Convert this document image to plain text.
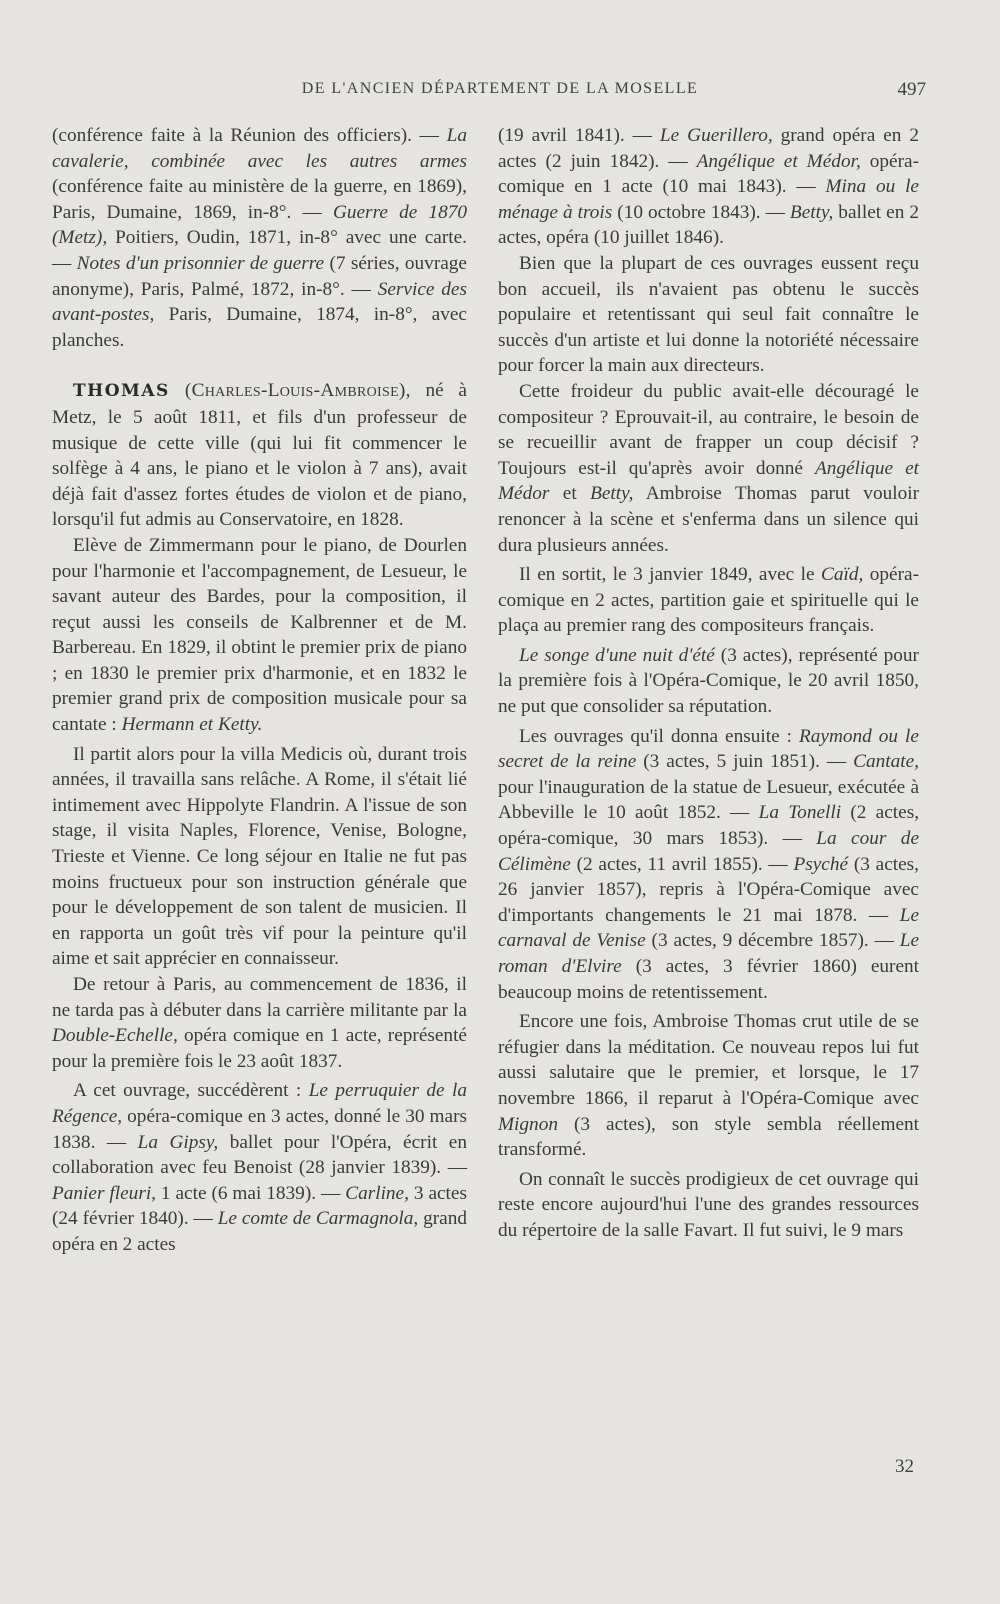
DE L'ANCIEN DÉPARTEMENT DE LA MOSELLE	497

(conférence faite à la Réunion des officiers). — La cavalerie, combinée avec les autres armes (conférence faite au ministère de la guerre, en 1869), Paris, Dumaine, 1869, in-8°. — Guerre de 1870 (Metz), Poitiers, Oudin, 1871, in-8° avec une carte. — Notes d'un prisonnier de guerre (7 séries, ouvrage anonyme), Paris, Palmé, 1872, in-8°. — Service des avant-postes, Paris, Dumaine, 1874, in-8°, avec planches.

THOMAS (Charles-Louis-Ambroise), né à Metz, le 5 août 1811, et fils d'un professeur de musique de cette ville (qui lui fit commencer le solfège à 4 ans, le piano et le violon à 7 ans), avait déjà fait d'assez fortes études de violon et de piano, lorsqu'il fut admis au Conservatoire, en 1828.

Elève de Zimmermann pour le piano, de Dourlen pour l'harmonie et l'accompagnement, de Lesueur, le savant auteur des Bardes, pour la composition, il reçut aussi les conseils de Kalbrenner et de M. Barbereau. En 1829, il obtint le premier prix de piano ; en 1830 le premier prix d'harmonie, et en 1832 le premier grand prix de composition musicale pour sa cantate : Hermann et Ketty.

Il partit alors pour la villa Medicis où, durant trois années, il travailla sans relâche. A Rome, il s'était lié intimement avec Hippolyte Flandrin. A l'issue de son stage, il visita Naples, Florence, Venise, Bologne, Trieste et Vienne. Ce long séjour en Italie ne fut pas moins fructueux pour son instruction générale que pour le développement de son talent de musicien. Il en rapporta un goût très vif pour la peinture qu'il aime et sait apprécier en connaisseur.

De retour à Paris, au commencement de 1836, il ne tarda pas à débuter dans la carrière militante par la Double-Echelle, opéra comique en 1 acte, représenté pour la première fois le 23 août 1837.

A cet ouvrage, succédèrent : Le perruquier de la Régence, opéra-comique en 3 actes, donné le 30 mars 1838. — La Gipsy, ballet pour l'Opéra, écrit en collaboration avec feu Benoist (28 janvier 1839). — Panier fleuri, 1 acte (6 mai 1839). — Carline, 3 actes (24 février 1840). — Le comte de Carmagnola, grand opéra en 2 actes

(19 avril 1841). — Le Guerillero, grand opéra en 2 actes (2 juin 1842). — Angélique et Médor, opéra-comique en 1 acte (10 mai 1843). — Mina ou le ménage à trois (10 octobre 1843). — Betty, ballet en 2 actes, opéra (10 juillet 1846).

Bien que la plupart de ces ouvrages eussent reçu bon accueil, ils n'avaient pas obtenu le succès populaire et retentissant qui seul fait connaître le succès d'un artiste et lui donne la notoriété nécessaire pour forcer la main aux directeurs.

Cette froideur du public avait-elle découragé le compositeur ? Eprouvait-il, au contraire, le besoin de se recueillir avant de frapper un coup décisif ? Toujours est-il qu'après avoir donné Angélique et Médor et Betty, Ambroise Thomas parut vouloir renoncer à la scène et s'enferma dans un silence qui dura plusieurs années.

Il en sortit, le 3 janvier 1849, avec le Caïd, opéra-comique en 2 actes, partition gaie et spirituelle qui le plaça au premier rang des compositeurs français.

Le songe d'une nuit d'été (3 actes), représenté pour la première fois à l'Opéra-Comique, le 20 avril 1850, ne put que consolider sa réputation.

Les ouvrages qu'il donna ensuite : Raymond ou le secret de la reine (3 actes, 5 juin 1851). — Cantate, pour l'inauguration de la statue de Lesueur, exécutée à Abbeville le 10 août 1852. — La Tonelli (2 actes, opéra-comique, 30 mars 1853). — La cour de Célimène (2 actes, 11 avril 1855). — Psyché (3 actes, 26 janvier 1857), repris à l'Opéra-Comique avec d'importants changements le 21 mai 1878. — Le carnaval de Venise (3 actes, 9 décembre 1857). — Le roman d'Elvire (3 actes, 3 février 1860) eurent beaucoup moins de retentissement.

Encore une fois, Ambroise Thomas crut utile de se réfugier dans la méditation. Ce nouveau repos lui fut aussi salutaire que le premier, et lorsque, le 17 novembre 1866, il reparut à l'Opéra-Comique avec Mignon (3 actes), son style sembla réellement transformé.

On connaît le succès prodigieux de cet ouvrage qui reste encore aujourd'hui l'une des grandes ressources du répertoire de la salle Favart. Il fut suivi, le 9 mars

32
